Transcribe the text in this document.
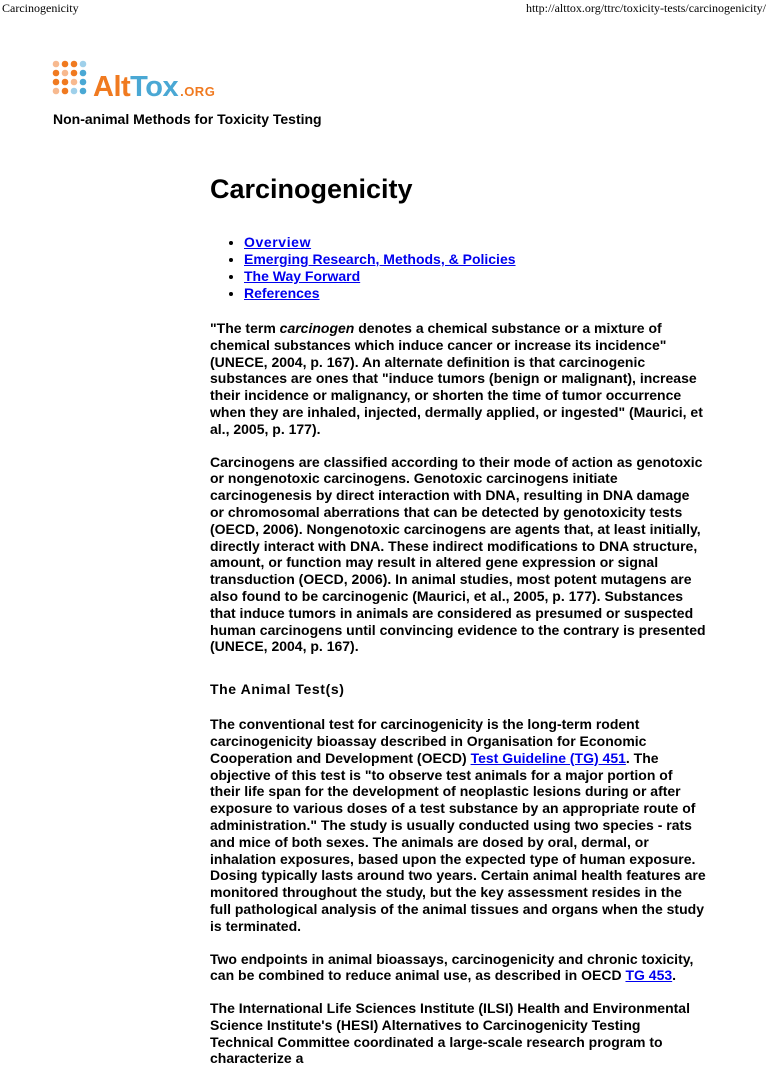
Carcinogenicity	http://alttox.org/ttrc/toxicity-tests/carcinogenicity/
AltTox .ORG
Non-animal Methods for Toxicity Testing
Carcinogenicity
• Overview
• Emerging Research, Methods, & Policies
• The Way Forward
• References

"The term carcinogen denotes a chemical substance or a mixture of chemical substances which induce cancer or increase its incidence" (UNECE, 2004, p. 167). An alternate definition is that carcinogenic substances are ones that "induce tumors (benign or malignant), increase their incidence or malignancy, or shorten the time of tumor occurrence when they are inhaled, injected, dermally applied, or ingested" (Maurici, et al., 2005, p. 177).

Carcinogens are classified according to their mode of action as genotoxic or nongenotoxic carcinogens. Genotoxic carcinogens initiate carcinogenesis by direct interaction with DNA, resulting in DNA damage or chromosomal aberrations that can be detected by genotoxicity tests (OECD, 2006). Nongenotoxic carcinogens are agents that, at least initially, directly interact with DNA. These indirect modifications to DNA structure, amount, or function may result in altered gene expression or signal transduction (OECD, 2006). In animal studies, most potent mutagens are also found to be carcinogenic (Maurici, et al., 2005, p. 177). Substances that induce tumors in animals are considered as presumed or suspected human carcinogens until convincing evidence to the contrary is presented (UNECE, 2004, p. 167).

The Animal Test(s)

The conventional test for carcinogenicity is the long-term rodent carcinogenicity bioassay described in Organisation for Economic Cooperation and Development (OECD) Test Guideline (TG) 451. The objective of this test is "to observe test animals for a major portion of their life span for the development of neoplastic lesions during or after exposure to various doses of a test substance by an appropriate route of administration." The study is usually conducted using two species - rats and mice of both sexes. The animals are dosed by oral, dermal, or inhalation exposures, based upon the expected type of human exposure. Dosing typically lasts around two years. Certain animal health features are monitored throughout the study, but the key assessment resides in the full pathological analysis of the animal tissues and organs when the study is terminated.

Two endpoints in animal bioassays, carcinogenicity and chronic toxicity, can be combined to reduce animal use, as described in OECD TG 453.

The International Life Sciences Institute (ILSI) Health and Environmental Science Institute's (HESI) Alternatives to Carcinogenicity Testing Technical Committee coordinated a large-scale research program to characterize a
